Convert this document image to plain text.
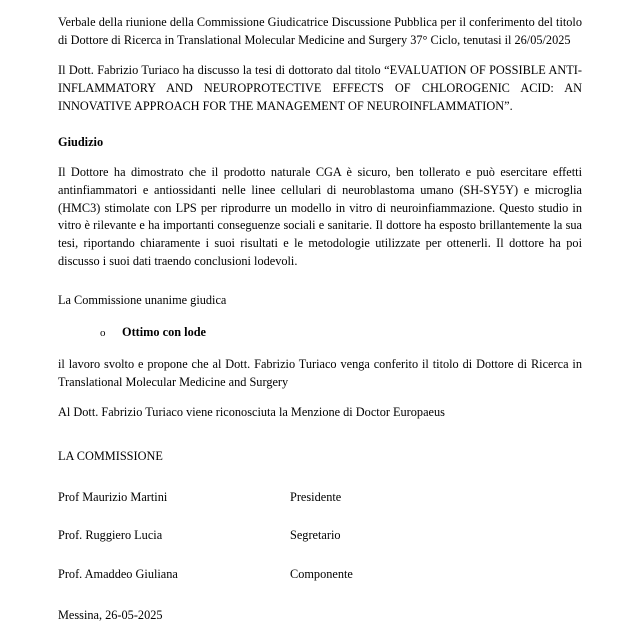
Verbale della riunione della Commissione Giudicatrice Discussione Pubblica per il conferimento del titolo di Dottore di Ricerca in Translational Molecular Medicine and Surgery 37° Ciclo, tenutasi il 26/05/2025

Il Dott. Fabrizio Turiaco ha discusso la tesi di dottorato dal titolo “EVALUATION OF POSSIBLE ANTI-INFLAMMATORY AND NEUROPROTECTIVE EFFECTS OF CHLOROGENIC ACID: AN INNOVATIVE APPROACH FOR THE MANAGEMENT OF NEUROINFLAMMATION”.

Giudizio

Il Dottore ha dimostrato che il prodotto naturale CGA è sicuro, ben tollerato e può esercitare effetti antinfiammatori e antiossidanti nelle linee cellulari di neuroblastoma umano (SH-SY5Y) e microglia (HMC3) stimolate con LPS per riprodurre un modello in vitro di neuroinfiammazione. Questo studio in vitro è rilevante e ha importanti conseguenze sociali e sanitarie. Il dottore ha esposto brillantemente la sua tesi, riportando chiaramente i suoi risultati e le metodologie utilizzate per ottenerli. Il dottore ha poi discusso i suoi dati traendo conclusioni lodevoli.

La Commissione unanime giudica

o	Ottimo con lode

il lavoro svolto e propone che al Dott. Fabrizio Turiaco venga conferito il titolo di Dottore di Ricerca in Translational Molecular Medicine and Surgery

Al Dott. Fabrizio Turiaco viene riconosciuta la Menzione di Doctor Europaeus

LA COMMISSIONE

Prof Maurizio Martini	Presidente
Prof. Ruggiero Lucia	Segretario
Prof. Amaddeo Giuliana	Componente

Messina, 26-05-2025
